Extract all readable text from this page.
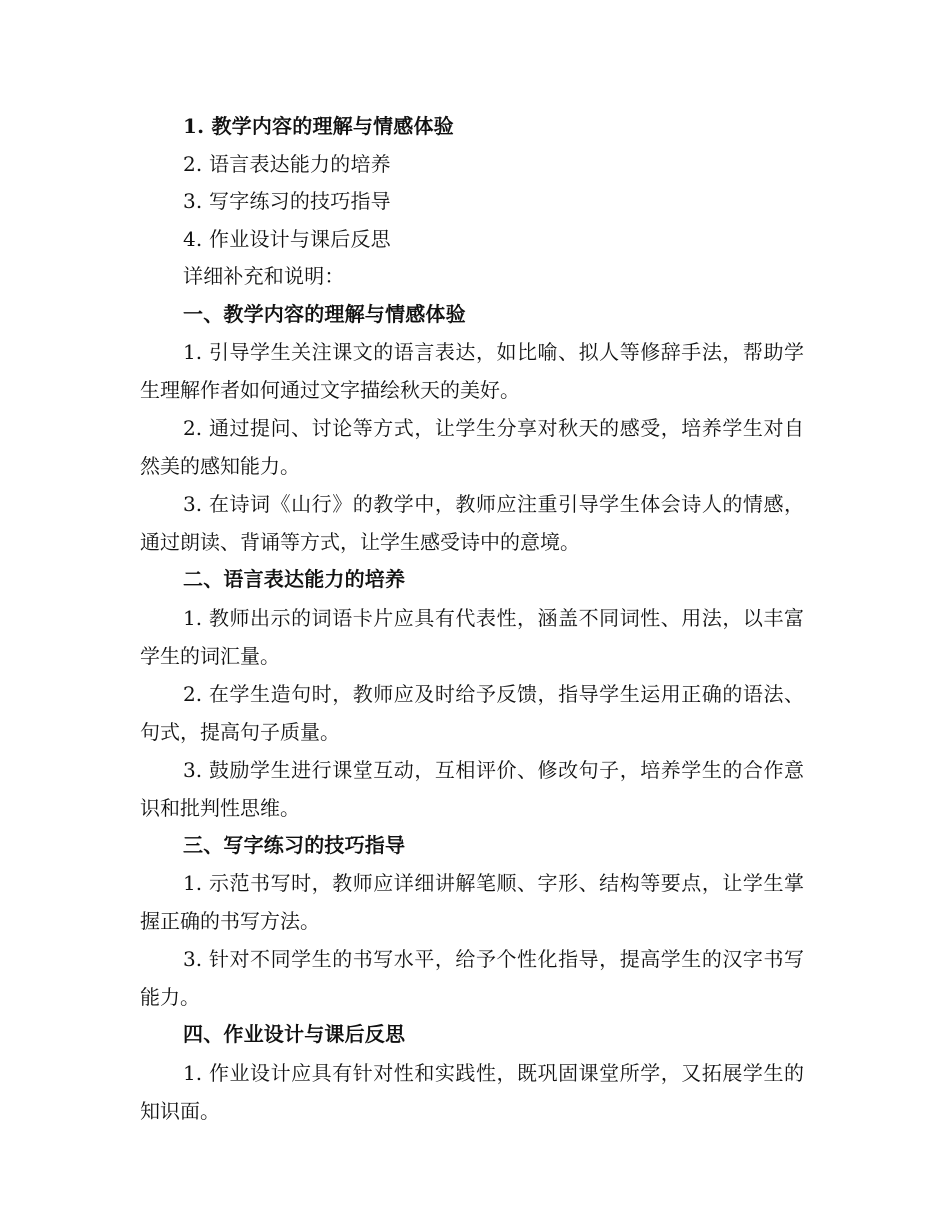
1. 教学内容的理解与情感体验

2. 语言表达能力的培养

3. 写字练习的技巧指导

4. 作业设计与课后反思

详细补充和说明：

一、教学内容的理解与情感体验

1. 引导学生关注课文的语言表达，如比喻、拟人等修辞手法，帮助学生理解作者如何通过文字描绘秋天的美好。

2. 通过提问、讨论等方式，让学生分享对秋天的感受，培养学生对自然美的感知能力。

3. 在诗词《山行》的教学中，教师应注重引导学生体会诗人的情感，通过朗读、背诵等方式，让学生感受诗中的意境。

二、语言表达能力的培养

1. 教师出示的词语卡片应具有代表性，涵盖不同词性、用法，以丰富学生的词汇量。

2. 在学生造句时，教师应及时给予反馈，指导学生运用正确的语法、句式，提高句子质量。

3. 鼓励学生进行课堂互动，互相评价、修改句子，培养学生的合作意识和批判性思维。

三、写字练习的技巧指导

1. 示范书写时，教师应详细讲解笔顺、字形、结构等要点，让学生掌握正确的书写方法。

3. 针对不同学生的书写水平，给予个性化指导，提高学生的汉字书写能力。

四、作业设计与课后反思

1. 作业设计应具有针对性和实践性，既巩固课堂所学，又拓展学生的知识面。
